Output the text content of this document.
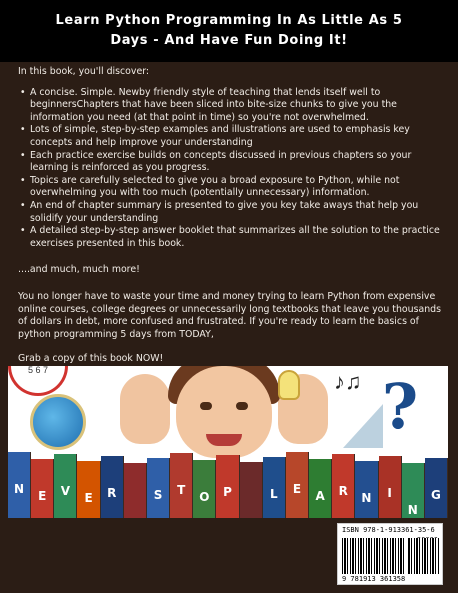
Learn Python Programming In As Little As 5
Days - And Have Fun Doing It!
In this book, you'll discover:
• A concise. Simple. Newby friendly style of teaching that lends itself well to beginnersChapters that have been sliced into bite-size chunks to give you the information you need (at that point in time) so you're not overwhelmed.
• Lots of simple, step-by-step examples and illustrations are used to emphasis key concepts and help improve your understanding
• Each practice exercise builds on concepts discussed in previous chapters so your learning is reinforced as you progress.
• Topics are carefully selected to give you a broad exposure to Python, while not overwhelming you with too much (potentially unnecessary) information.
• An end of chapter summary is presented to give you key take aways that help you solidify your understanding
• A detailed step-by-step answer booklet that summarizes all the solution to the practice exercises presented in this book.
....and much, much more!
You no longer have to waste your time and money trying to learn Python from expensive online courses, college degrees or unnecessarily long textbooks that leave you thousands of dollars in debt, more confused and frustrated. If you're ready to learn the basics of python programming 5 days from TODAY,
Grab a copy of this book NOW!
5 6 7	♪♫ ?
N	E	V	E	R	S	T	O	P	L	E	A	R	N	I
N
G
ISBN 978-1-913361-35-6
9 781913 361358
